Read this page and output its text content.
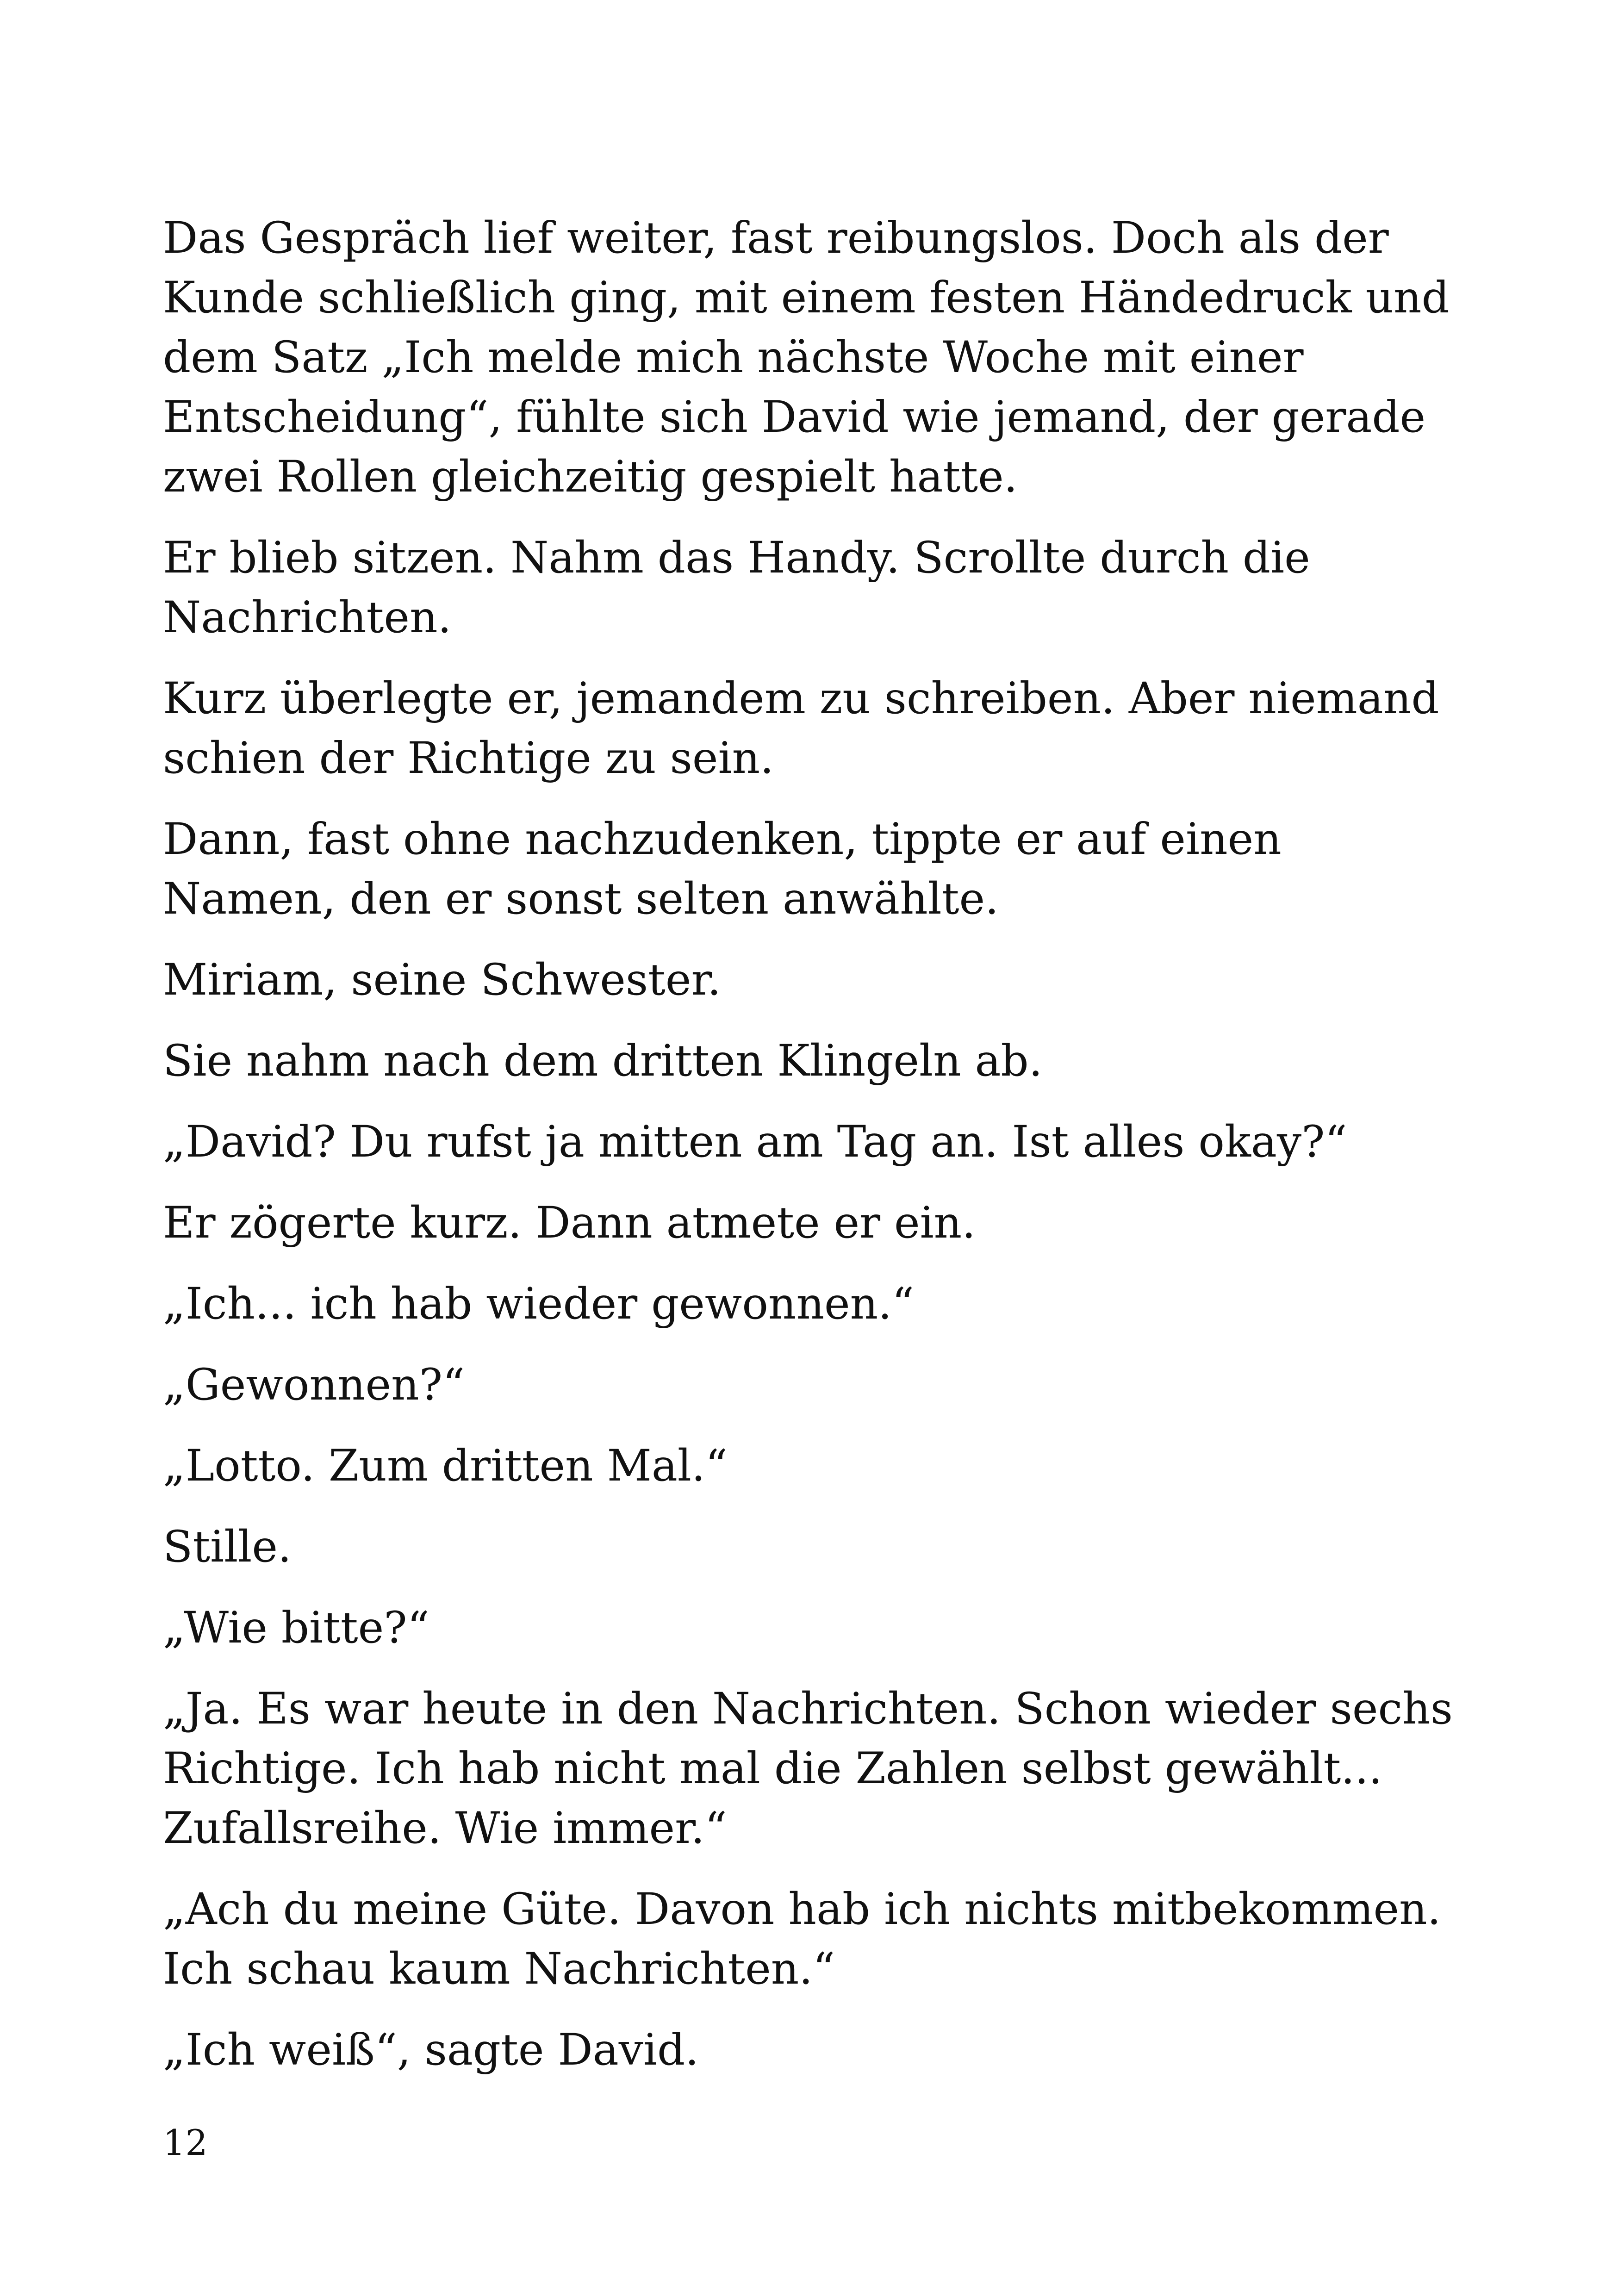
Das Gespräch lief weiter, fast reibungslos. Doch als der Kunde schließlich ging, mit einem festen Händedruck und dem Satz „Ich melde mich nächste Woche mit einer Entscheidung“, fühlte sich David wie jemand, der gerade zwei Rollen gleichzeitig gespielt hatte.

Er blieb sitzen. Nahm das Handy. Scrollte durch die Nachrichten.

Kurz überlegte er, jemandem zu schreiben. Aber niemand schien der Richtige zu sein.

Dann, fast ohne nachzudenken, tippte er auf einen Namen, den er sonst selten anwählte.

Miriam, seine Schwester.

Sie nahm nach dem dritten Klingeln ab.

„David? Du rufst ja mitten am Tag an. Ist alles okay?“

Er zögerte kurz. Dann atmete er ein.

„Ich... ich hab wieder gewonnen.“

„Gewonnen?“

„Lotto. Zum dritten Mal.“

Stille.

„Wie bitte?“

„Ja. Es war heute in den Nachrichten. Schon wieder sechs Richtige. Ich hab nicht mal die Zahlen selbst gewählt... Zufallsreihe. Wie immer.“

„Ach du meine Güte. Davon hab ich nichts mitbekommen. Ich schau kaum Nachrichten.“

„Ich weiß“, sagte David.

12
